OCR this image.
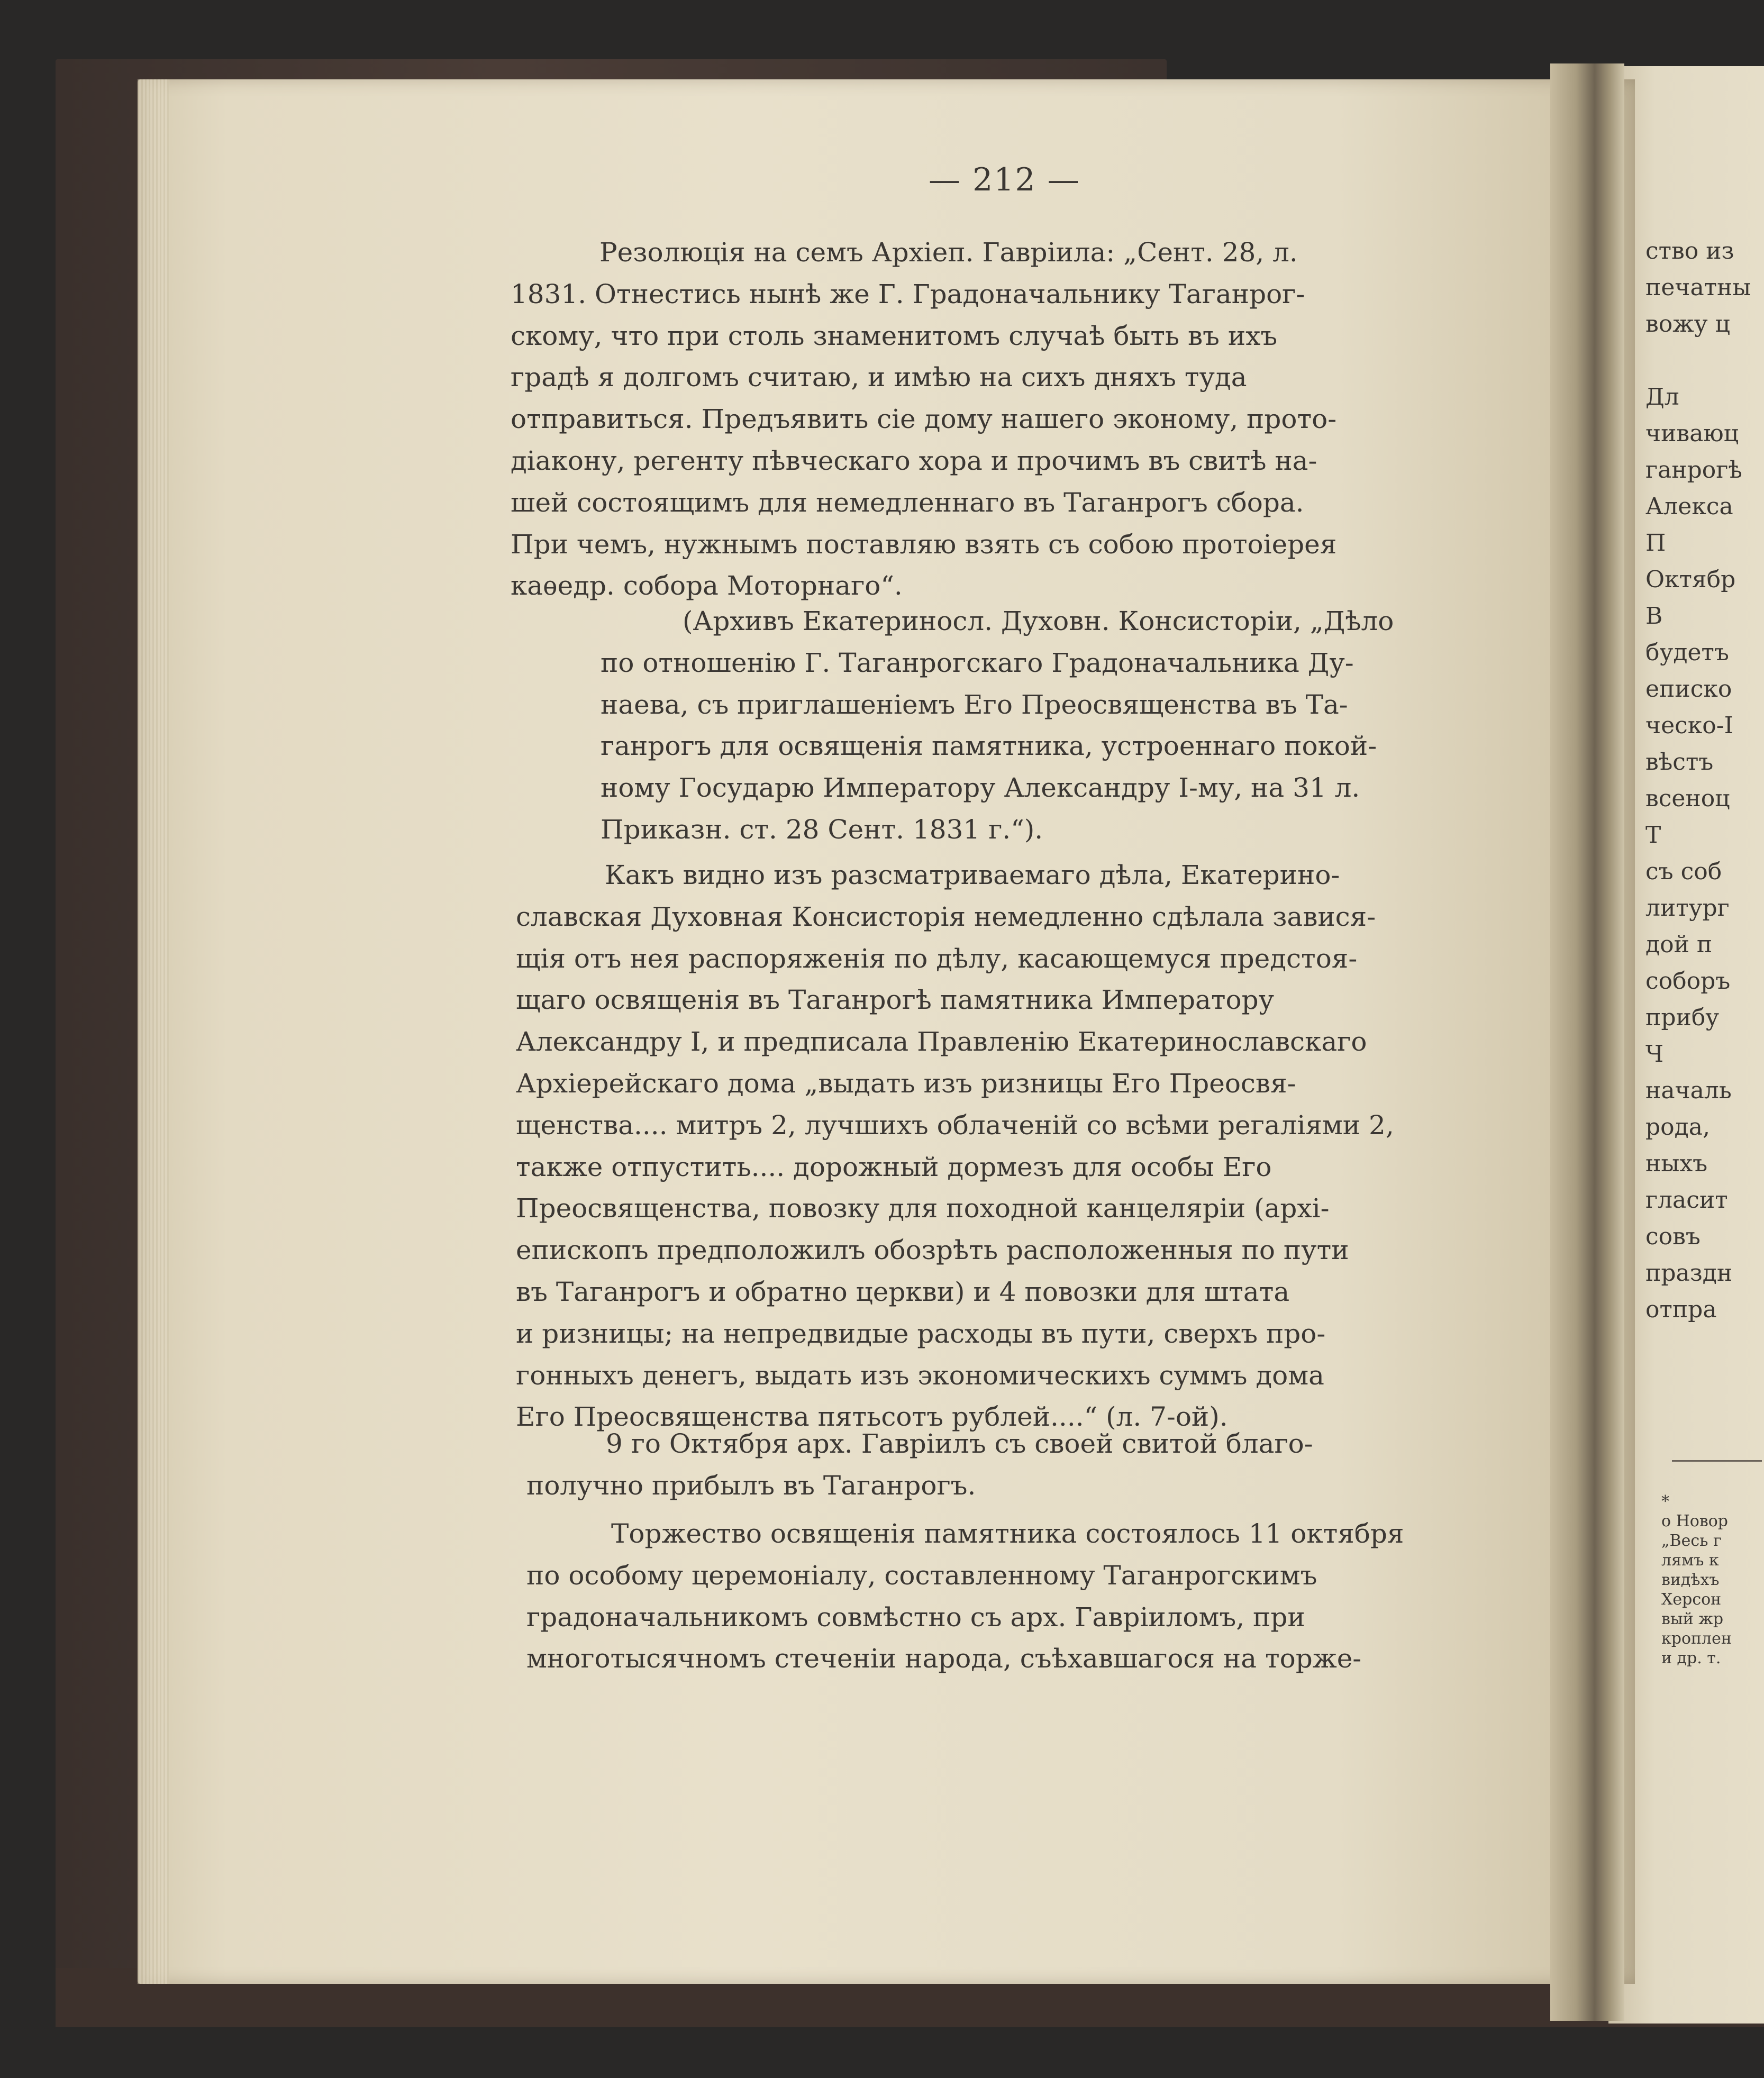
— 212 —
Резолюція на семъ Архіеп. Гавріила: „Сент. 28, л.
1831. Отнестись нынѣ же Г. Градоначальнику Таганрог-
скому, что при столь знаменитомъ случаѣ быть въ ихъ
градѣ я долгомъ считаю, и имѣю на сихъ дняхъ туда
отправиться. Предъявить сіе дому нашего эконому, прото-
діакону, регенту пѣвческаго хора и прочимъ въ свитѣ на-
шей состоящимъ для немедленнаго въ Таганрогъ сбора.
При чемъ, нужнымъ поставляю взять съ собою протоіерея
каѳедр. собора Моторнаго“.
(Архивъ Екатериносл. Духовн. Консисторіи, „Дѣло
по отношенію Г. Таганрогскаго Градоначальника Ду-
наева, съ приглашеніемъ Его Преосвященства въ Та-
ганрогъ для освященія памятника, устроеннаго покой-
ному Государю Императору Александру І-му, на 31 л.
Приказн. ст. 28 Сент. 1831 г.“).
Какъ видно изъ разсматриваемаго дѣла, Екатерино-
славская Духовная Консисторія немедленно сдѣлала завися-
щія отъ нея распоряженія по дѣлу, касающемуся предстоя-
щаго освященія въ Таганрогѣ памятника Императору
Александру І, и предписала Правленію Екатеринославскаго
Архіерейскаго дома „выдать изъ ризницы Его Преосвя-
щенства.... митръ 2, лучшихъ облаченій со всѣми регаліями 2,
также отпустить.... дорожный дормезъ для особы Его
Преосвященства, повозку для походной канцеляріи (архі-
епископъ предположилъ обозрѣть расположенныя по пути
въ Таганрогъ и обратно церкви) и 4 повозки для штата
и ризницы; на непредвидые расходы въ пути, сверхъ про-
гонныхъ денегъ, выдать изъ экономическихъ суммъ дома
Его Преосвященства пятьсотъ рублей....“ (л. 7-ой).
9 го Октября арх. Гавріилъ съ своей свитой благо-
получно прибылъ въ Таганрогъ.
Торжество освященія памятника состоялось 11 октября
по особому церемоніалу, составленному Таганрогскимъ
градоначальникомъ совмѣстно съ арх. Гавріиломъ, при
многотысячномъ стеченіи народа, съѣхавшагося на торже-
ство из
печатны
вожу ц

Дл
чиваюц
ганрогѣ
Алекса
П
Октябр
В
будетъ
еписко
ческо-І
вѣстъ
всеноц
Т
съ соб
литург
дой п
соборъ
прибу
Ч
началь
рода,
ныхъ
гласит
совъ
праздн
отпра
*
о Новор
„Весь г
лямъ к
видѣхъ
Херсон
вый жр
кроплен
и др. т.
